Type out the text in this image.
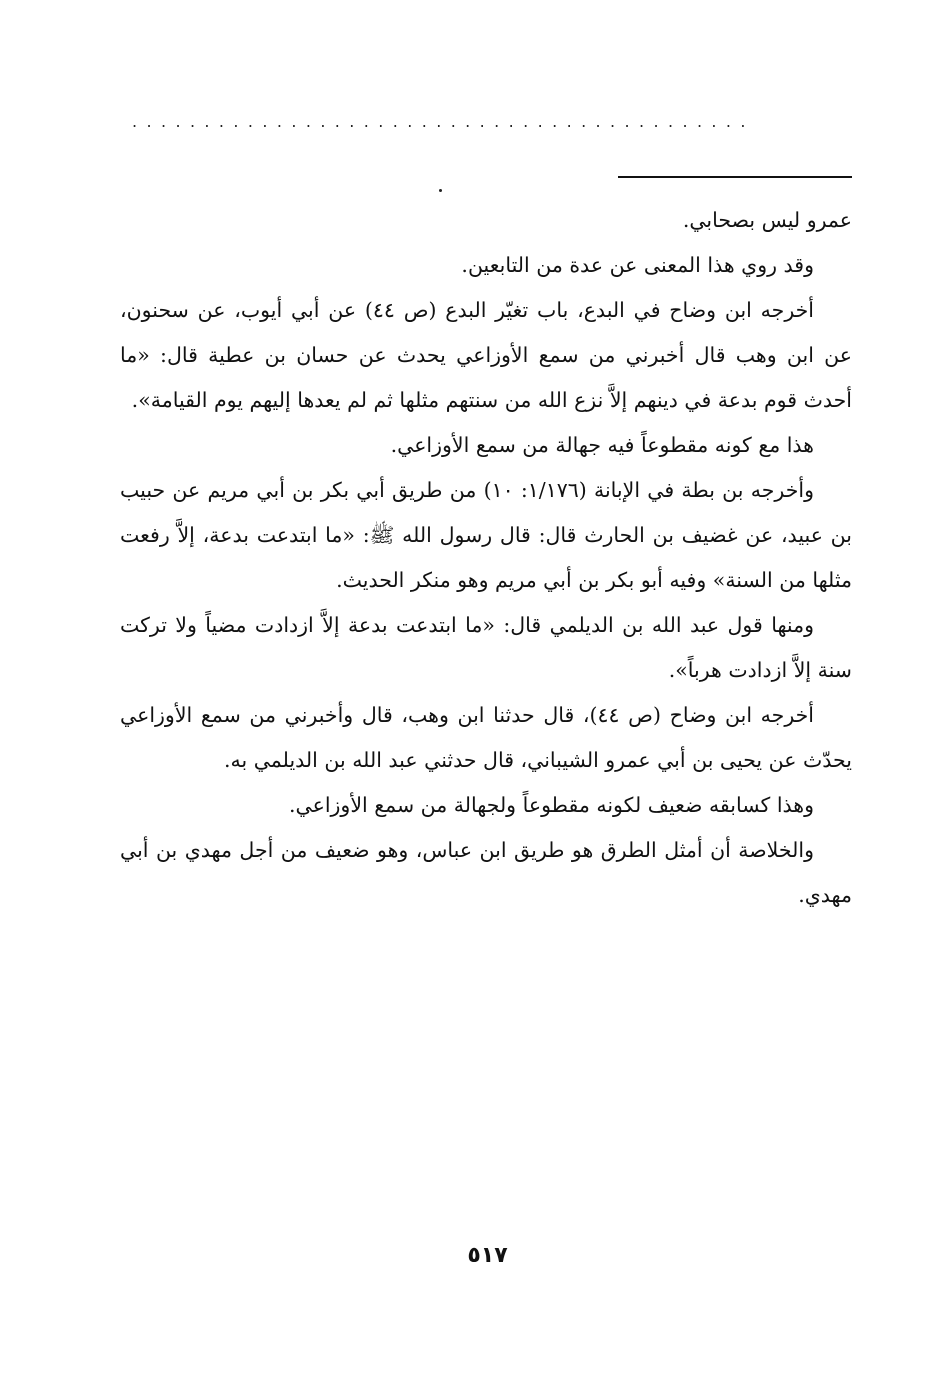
...........................................

عمرو ليس بصحابي.

وقد روي هذا المعنى عن عدة من التابعين.

أخرجه ابن وضاح في البدع، باب تغيّر البدع (ص ٤٤) عن أبي أيوب، عن سحنون، عن ابن وهب قال أخبرني من سمع الأوزاعي يحدث عن حسان بن عطية قال: «ما أحدث قوم بدعة في دينهم إلاَّ نزع الله من سنتهم مثلها ثم لم يعدها إليهم يوم القيامة».

هذا مع كونه مقطوعاً فيه جهالة من سمع الأوزاعي.

وأخرجه بن بطة في الإبانة (١/١٧٦: ١٠) من طريق أبي بكر بن أبي مريم عن حبيب بن عبيد، عن غضيف بن الحارث قال: قال رسول الله ﷺ: «ما ابتدعت بدعة، إلاَّ رفعت مثلها من السنة» وفيه أبو بكر بن أبي مريم وهو منكر الحديث.

ومنها قول عبد الله بن الديلمي قال: «ما ابتدعت بدعة إلاَّ ازدادت مضياً ولا تركت سنة إلاَّ ازدادت هرباً».

أخرجه ابن وضاح (ص ٤٤)، قال حدثنا ابن وهب، قال وأخبرني من سمع الأوزاعي يحدّث عن يحيى بن أبي عمرو الشيباني، قال حدثني عبد الله بن الديلمي به.

وهذا كسابقه ضعيف لكونه مقطوعاً ولجهالة من سمع الأوزاعي.

والخلاصة أن أمثل الطرق هو طريق ابن عباس، وهو ضعيف من أجل مهدي بن أبي مهدي.

٥١٧
